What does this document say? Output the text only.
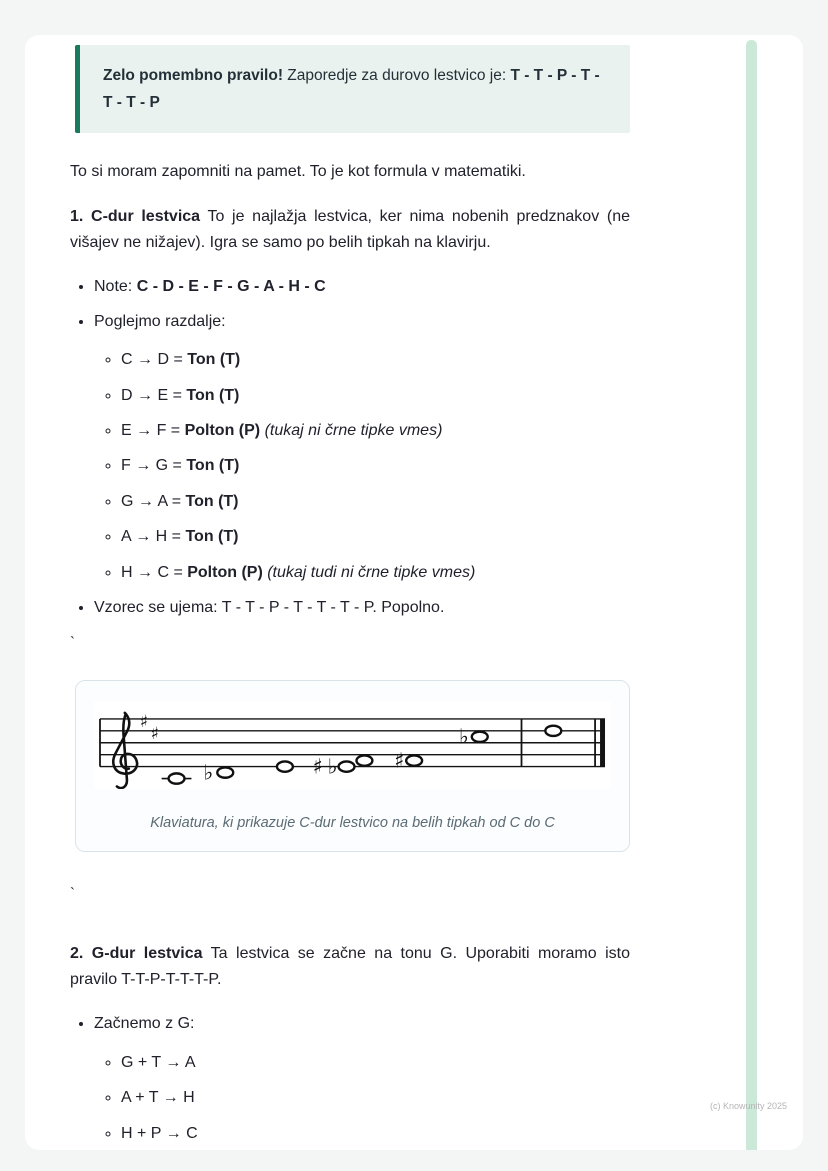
Zelo pomembno pravilo! Zaporedje za durovo lestvico je: T - T - P - T - T - T - P

To si moram zapomniti na pamet. To je kot formula v matematiki.

1. C-dur lestvica To je najlažja lestvica, ker nima nobenih predznakov (ne višajev ne nižajev). Igra se samo po belih tipkah na klavirju.

• Note: C - D - E - F - G - A - H - C
• Poglejmo razdalje:
◦ C → D = Ton (T)
◦ D → E = Ton (T)
◦ E → F = Polton (P) (tukaj ni črne tipke vmes)
◦ F → G = Ton (T)
◦ G → A = Ton (T)
◦ A → H = Ton (T)
◦ H → C = Polton (P) (tukaj tudi ni črne tipke vmes)
• Vzorec se ujema: T - T - P - T - T - T - P. Popolno.
`
♯
♯
♭	♯ ♭	♯
♭
Klaviatura, ki prikazuje C-dur lestvico na belih tipkah od C do C
`

2. G-dur lestvica Ta lestvica se začne na tonu G. Uporabiti moramo isto pravilo T-T-P-T-T-T-P.

• Začnemo z G:
◦ G + T → A
◦ A + T → H
◦ H + P → C
(c) Knowunity 2025
